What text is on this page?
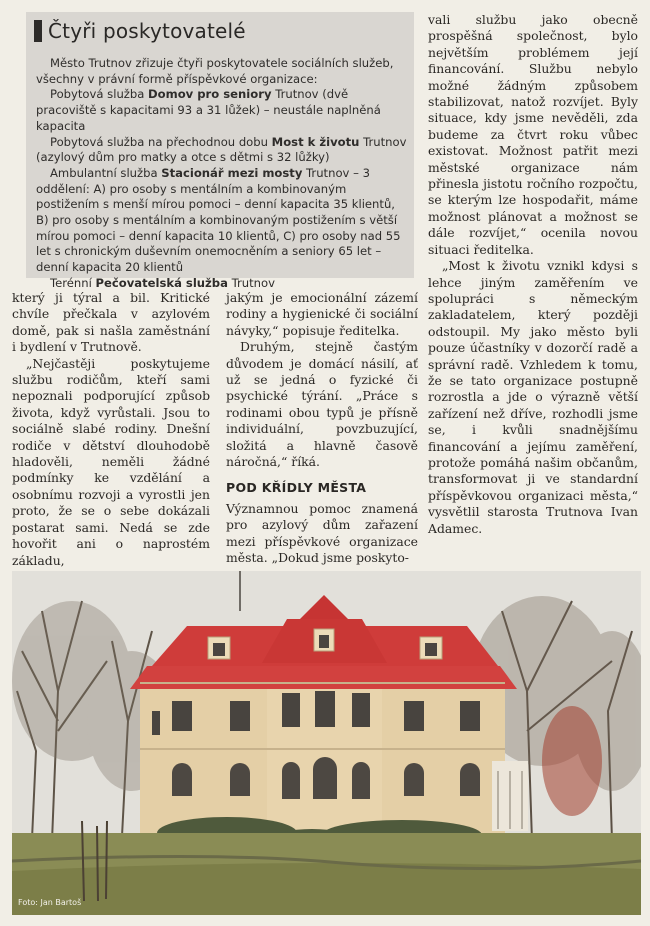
Čtyři poskytovatelé

Město Trutnov zřizuje čtyři poskytovatele sociálních služeb, všechny v právní formě příspěvkové organizace:

Pobytová služba Domov pro seniory Trutnov (dvě pracoviště s kapacitami 93 a 31 lůžek) – neustále naplněná kapacita

Pobytová služba na přechodnou dobu Most k životu Trutnov (azylový dům pro matky a otce s dětmi s 32 lůžky)

Ambulantní služba Stacionář mezi mosty Trutnov – 3 oddělení: A) pro osoby s mentálním a kombinovaným postižením s menší mírou pomoci – denní kapacita 35 klientů, B) pro osoby s mentálním a kombinovaným postižením s větší mírou pomoci – denní kapacita 10 klientů, C) pro osoby nad 55 let s chronickým duševním onemocněním a seniory 65 let – denní kapacita 20 klientů

Terénní Pečovatelská služba Trutnov

vali službu jako obecně prospěšná společnost, bylo největším problémem její financování. Službu nebylo možné žádným způsobem stabilizovat, natož rozvíjet. Byly situace, kdy jsme nevěděli, zda budeme za čtvrt roku vůbec existovat. Možnost patřit mezi městské organizace nám přinesla jistotu ročního rozpočtu, se kterým lze hospodařit, máme možnost plánovat a možnost se dále rozvíjet,“ ocenila novou situaci ředitelka.

„Most k životu vznikl kdysi s lehce jiným zaměřením ve spolupráci s německým zakladatelem, který později odstoupil. My jako město byli pouze účastníky v dozorčí radě a správní radě. Vzhledem k tomu, že se tato organizace postupně rozrostla a jde o výrazně větší zařízení než dříve, rozhodli jsme se, i kvůli snadnějšímu financování a jejímu zaměření, protože pomáhá našim občanům, transformovat ji ve standardní příspěvkovou organizaci města,“ vysvětlil starosta Trutnova Ivan Adamec.

který ji týral a bil. Kritické chvíle přečkala v azylovém domě, pak si našla zaměstnání i bydlení v Trutnově.

„Nejčastěji poskytujeme službu rodičům, kteří sami nepoznali podporující způsob života, když vyrůstali. Jsou to sociálně slabé rodiny. Dnešní rodiče v dětství dlouhodobě hladověli, neměli žádné podmínky ke vzdělání a osobnímu rozvoji a vyrostli jen proto, že se o sebe dokázali postarat sami. Nedá se zde hovořit ani o naprostém základu,

jakým je emocionální zázemí rodiny a hygienické či sociální návyky,“ popisuje ředitelka.

Druhým, stejně častým důvodem je domácí násilí, ať už se jedná o fyzické či psychické týrání. „Práce s rodinami obou typů je přísně individuální, povzbuzující, složitá a hlavně časově náročná,“ říká.

POD KŘÍDLY MĚSTA

Významnou pomoc znamená pro azylový dům zařazení mezi příspěvkové organizace města. „Dokud jsme poskyto-

Foto: Jan Bartoš
